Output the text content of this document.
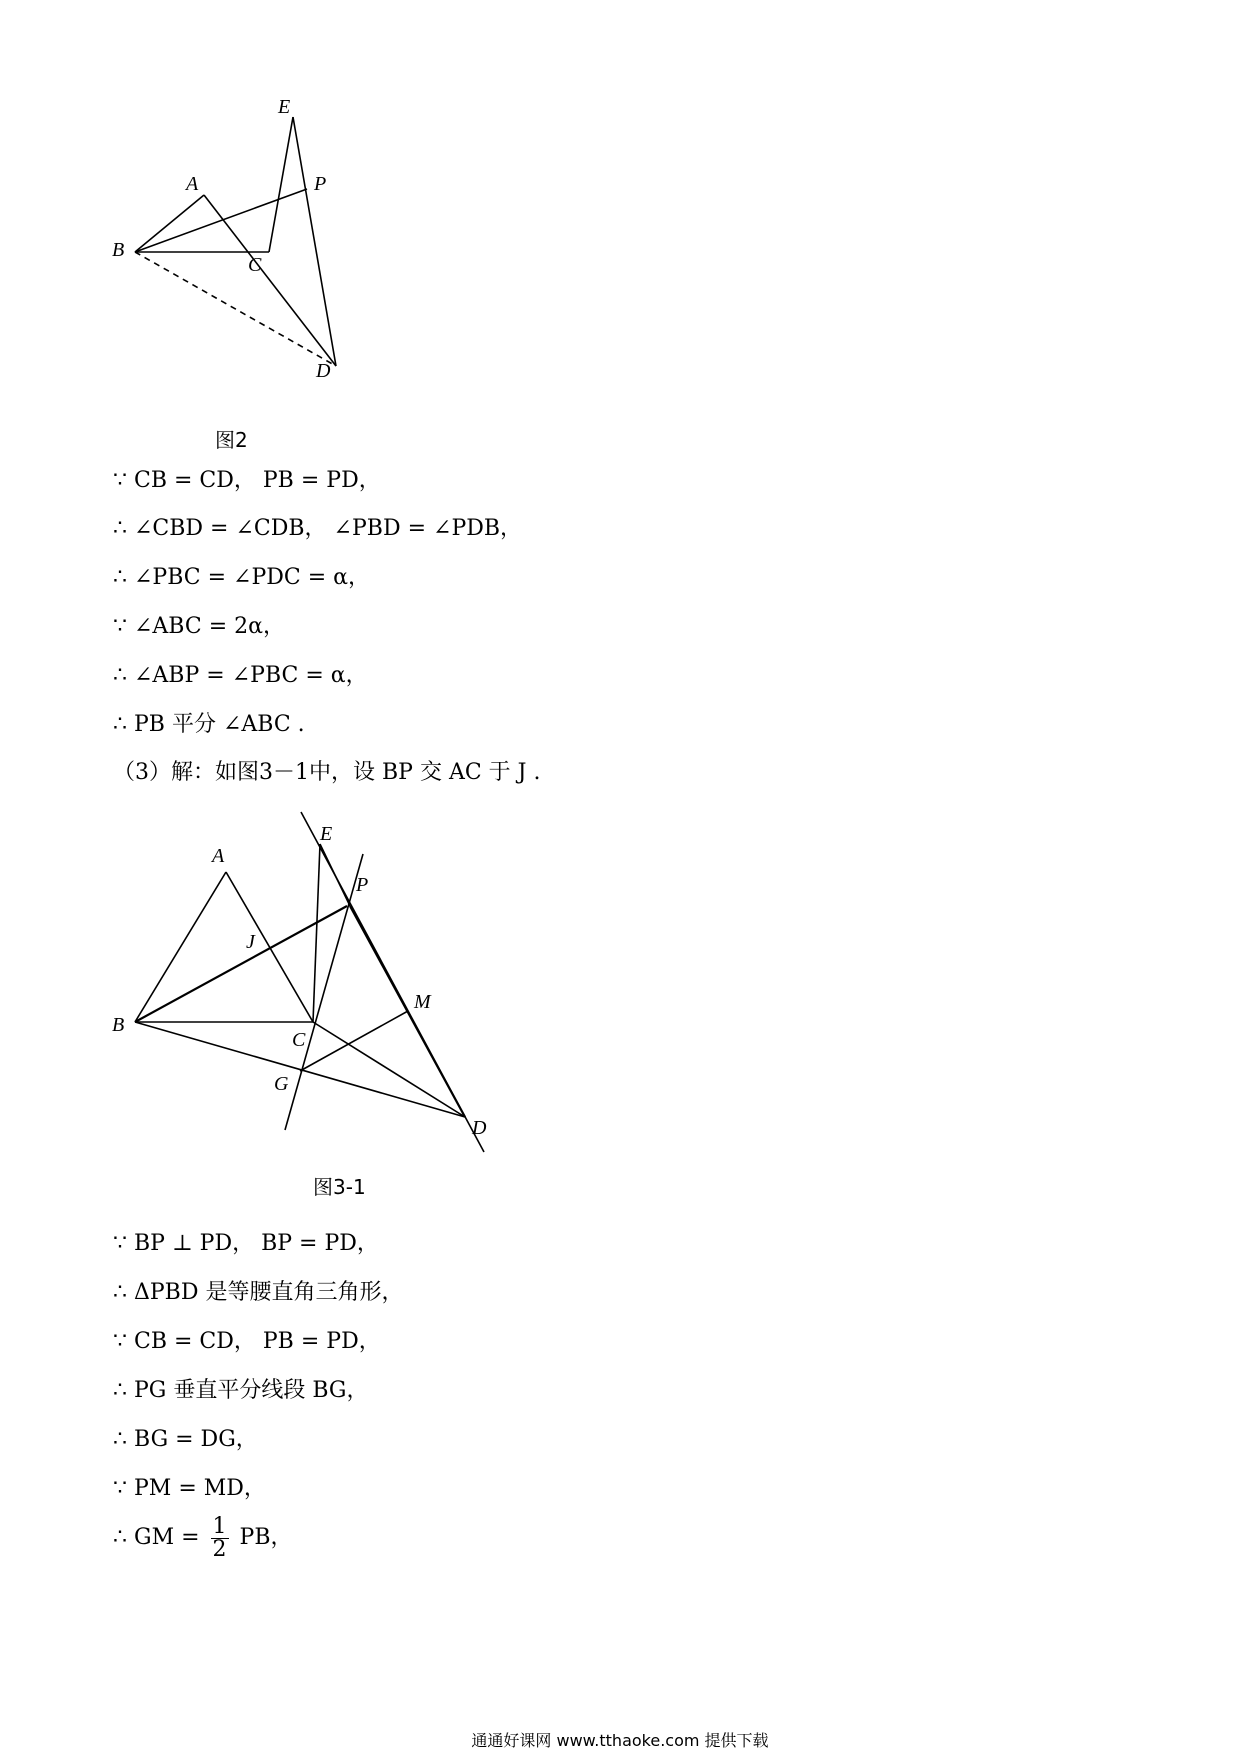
E
A	P
B
C
D
E
A
P
J
M
B
C
G
D
图2
图3-1
∵ CB = CD， PB = PD，
∴ ∠CBD = ∠CDB， ∠PBD = ∠PDB，
∴ ∠PBC = ∠PDC = α，
∵ ∠ABC = 2α，
∴ ∠ABP = ∠PBC = α，
∴ PB 平分 ∠ABC .
（3）解：如图3－1中，设 BP 交 AC 于 J .
∵ BP ⊥ PD， BP = PD，
∴ ΔPBD 是等腰直角三角形，
∵ CB = CD， PB = PD，
∴ PG 垂直平分线段 BG，
∴ BG = DG，
∵ PM = MD，
∴ GM = $\frac{1}{2}$ PB，
通通好课网 www.tthaoke.com 提供下载
